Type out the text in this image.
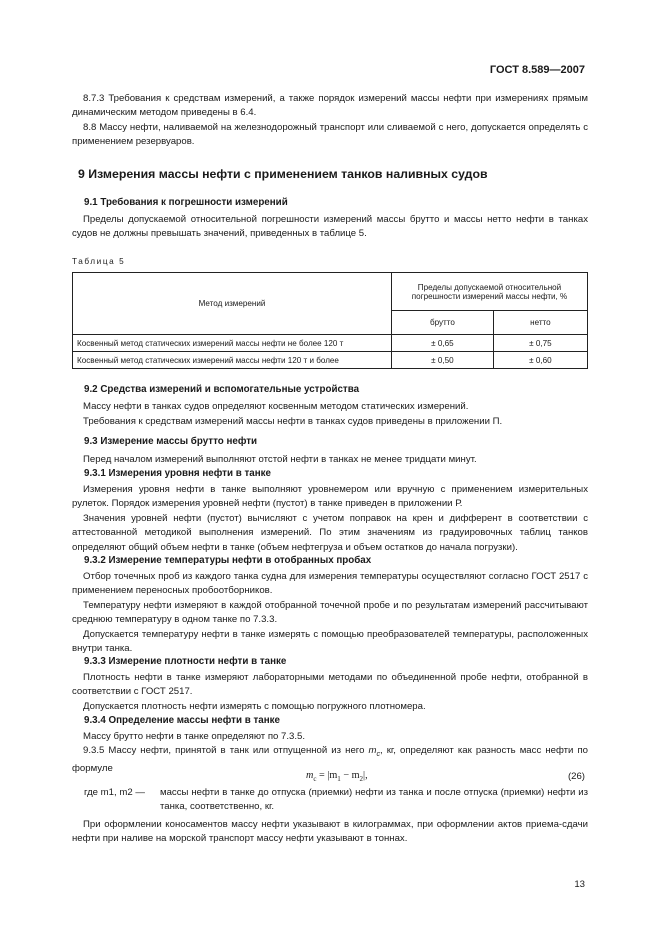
ГОСТ 8.589—2007

8.7.3 Требования к средствам измерений, а также порядок измерений массы нефти при измерениях прямым динамическим методом приведены в 6.4.

8.8 Массу нефти, наливаемой на железнодорожный транспорт или сливаемой с него, допускается определять с применением резервуаров.

9 Измерения массы нефти с применением танков наливных судов
9.1 Требования к погрешности измерений

Пределы допускаемой относительной погрешности измерений массы брутто и массы нетто нефти в танках судов не должны превышать значений, приведенных в таблице 5.

Таблица 5
Метод измерений	Пределы допускаемой относительной погрешности измерений массы нефти, %	
	брутто	нетто
Косвенный метод статических измерений массы нефти не более 120 т	± 0,65	± 0,75
Косвенный метод статических измерений массы нефти 120 т и более	± 0,50	± 0,60
9.2 Средства измерений и вспомогательные устройства

Массу нефти в танках судов определяют косвенным методом статических измерений.

Требования к средствам измерений массы нефти в танках судов приведены в приложении П.

9.3 Измерение массы брутто нефти

Перед началом измерений выполняют отстой нефти в танках не менее тридцати минут.

9.3.1 Измерения уровня нефти в танке

Измерения уровня нефти в танке выполняют уровнемером или вручную с применением измерительных рулеток. Порядок измерения уровней нефти (пустот) в танке приведен в приложении Р.

Значения уровней нефти (пустот) вычисляют с учетом поправок на крен и дифферент в соответствии с аттестованной методикой выполнения измерений. По этим значениям из градуировочных таблиц танков определяют общий объем нефти в танке (объем нефтегруза и объем остатков до начала погрузки).

9.3.2 Измерение температуры нефти в отобранных пробах

Отбор точечных проб из каждого танка судна для измерения температуры осуществляют согласно ГОСТ 2517 с применением переносных пробоотборников.

Температуру нефти измеряют в каждой отобранной точечной пробе и по результатам измерений рассчитывают среднюю температуру в одном танке по 7.3.3.

Допускается температуру нефти в танке измерять с помощью преобразователей температуры, расположенных внутри танка.

9.3.3 Измерение плотности нефти в танке

Плотность нефти в танке измеряют лабораторными методами по объединенной пробе нефти, отобранной в соответствии с ГОСТ 2517.

Допускается плотность нефти измерять с помощью погружного плотномера.

9.3.4 Определение массы нефти в танке

Массу брутто нефти в танке определяют по 7.3.5.

9.3.5 Массу нефти, принятой в танк или отпущенной из него $m_c$, кг, определяют как разность масс нефти по формуле

$m_c = |m_1 - m_2|$,	(26)
где m1, m2 — массы нефти в танке до отпуска (приемки) нефти из танка и после отпуска (приемки) нефти из танка, соответственно, кг.

При оформлении коносаментов массу нефти указывают в килограммах, при оформлении актов приема-сдачи нефти при наливе на морской транспорт массу нефти указывают в тоннах.

13
